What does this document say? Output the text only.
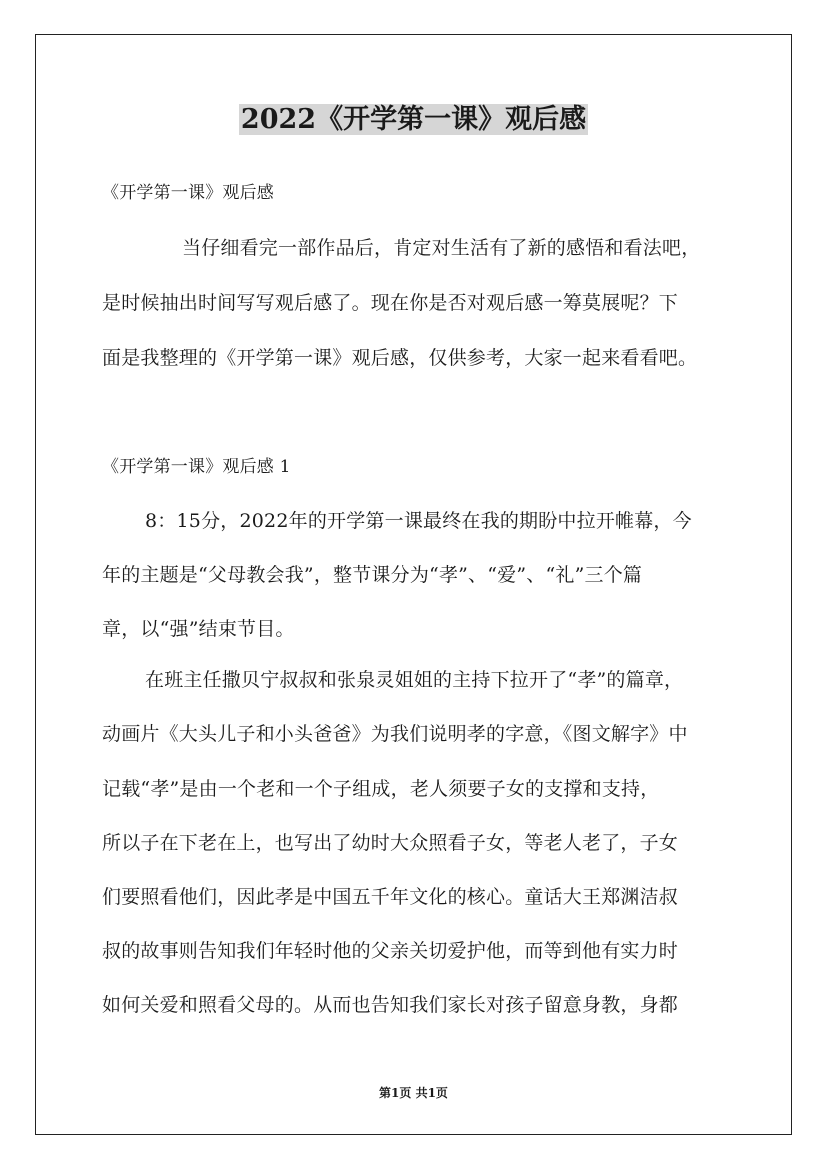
2022《开学第一课》观后感
《开学第一课》观后感
当仔细看完一部作品后，肯定对生活有了新的感悟和看法吧，
是时候抽出时间写写观后感了。现在你是否对观后感一筹莫展呢？下
面是我整理的《开学第一课》观后感，仅供参考，大家一起来看看吧。
《开学第一课》观后感 1
8：15分，2022年的开学第一课最终在我的期盼中拉开帷幕，今
年的主题是“父母教会我”，整节课分为“孝”、“爱”、“礼”三个篇
章，以“强”结束节目。
在班主任撒贝宁叔叔和张泉灵姐姐的主持下拉开了“孝”的篇章，
动画片《大头儿子和小头爸爸》为我们说明孝的字意，《图文解字》中
记载“孝”是由一个老和一个子组成，老人须要子女的支撑和支持，
所以子在下老在上，也写出了幼时大众照看子女，等老人老了，子女
们要照看他们，因此孝是中国五千年文化的核心。童话大王郑渊洁叔
叔的故事则告知我们年轻时他的父亲关切爱护他，而等到他有实力时
如何关爱和照看父母的。从而也告知我们家长对孩子留意身教，身都
第1页 共1页
